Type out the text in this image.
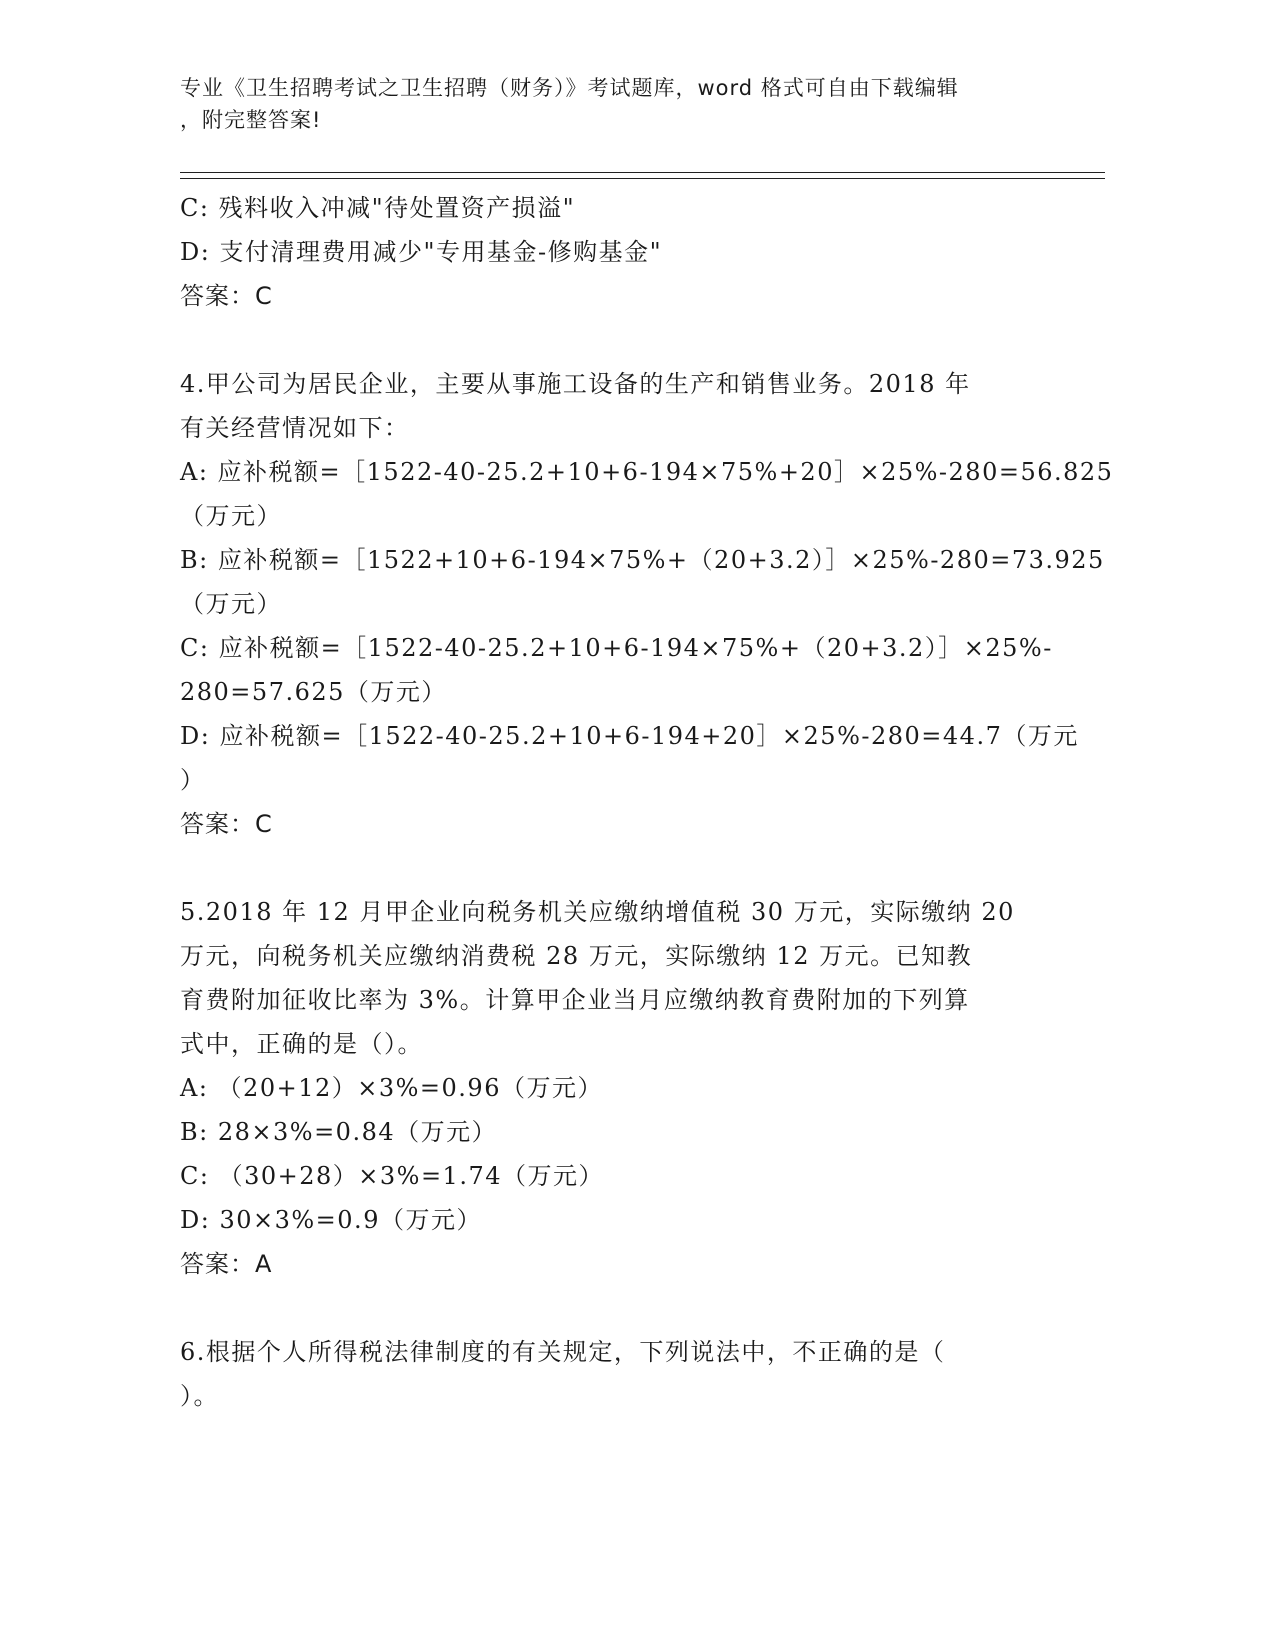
专业《卫生招聘考试之卫生招聘（财务）》考试题库，word 格式可自由下载编辑
，附完整答案!
C: 残料收入冲减"待处置资产损溢"
D: 支付清理费用减少"专用基金-修购基金"
答案：C
4.甲公司为居民企业，主要从事施工设备的生产和销售业务。2018 年
有关经营情况如下：
A: 应补税额=［1522-40-25.2+10+6-194×75%+20］×25%-280=56.825
（万元）
B: 应补税额=［1522+10+6-194×75%+（20+3.2）］×25%-280=73.925
（万元）
C: 应补税额=［1522-40-25.2+10+6-194×75%+（20+3.2）］×25%-
280=57.625（万元）
D: 应补税额=［1522-40-25.2+10+6-194+20］×25%-280=44.7（万元
）
答案：C
5.2018 年 12 月甲企业向税务机关应缴纳增值税 30 万元，实际缴纳 20
万元，向税务机关应缴纳消费税 28 万元，实际缴纳 12 万元。已知教
育费附加征收比率为 3%。计算甲企业当月应缴纳教育费附加的下列算
式中，正确的是（）。
A: （20+12）×3%=0.96（万元）
B: 28×3%=0.84（万元）
C: （30+28）×3%=1.74（万元）
D: 30×3%=0.9（万元）
答案：A
6.根据个人所得税法律制度的有关规定，下列说法中，不正确的是（
）。
